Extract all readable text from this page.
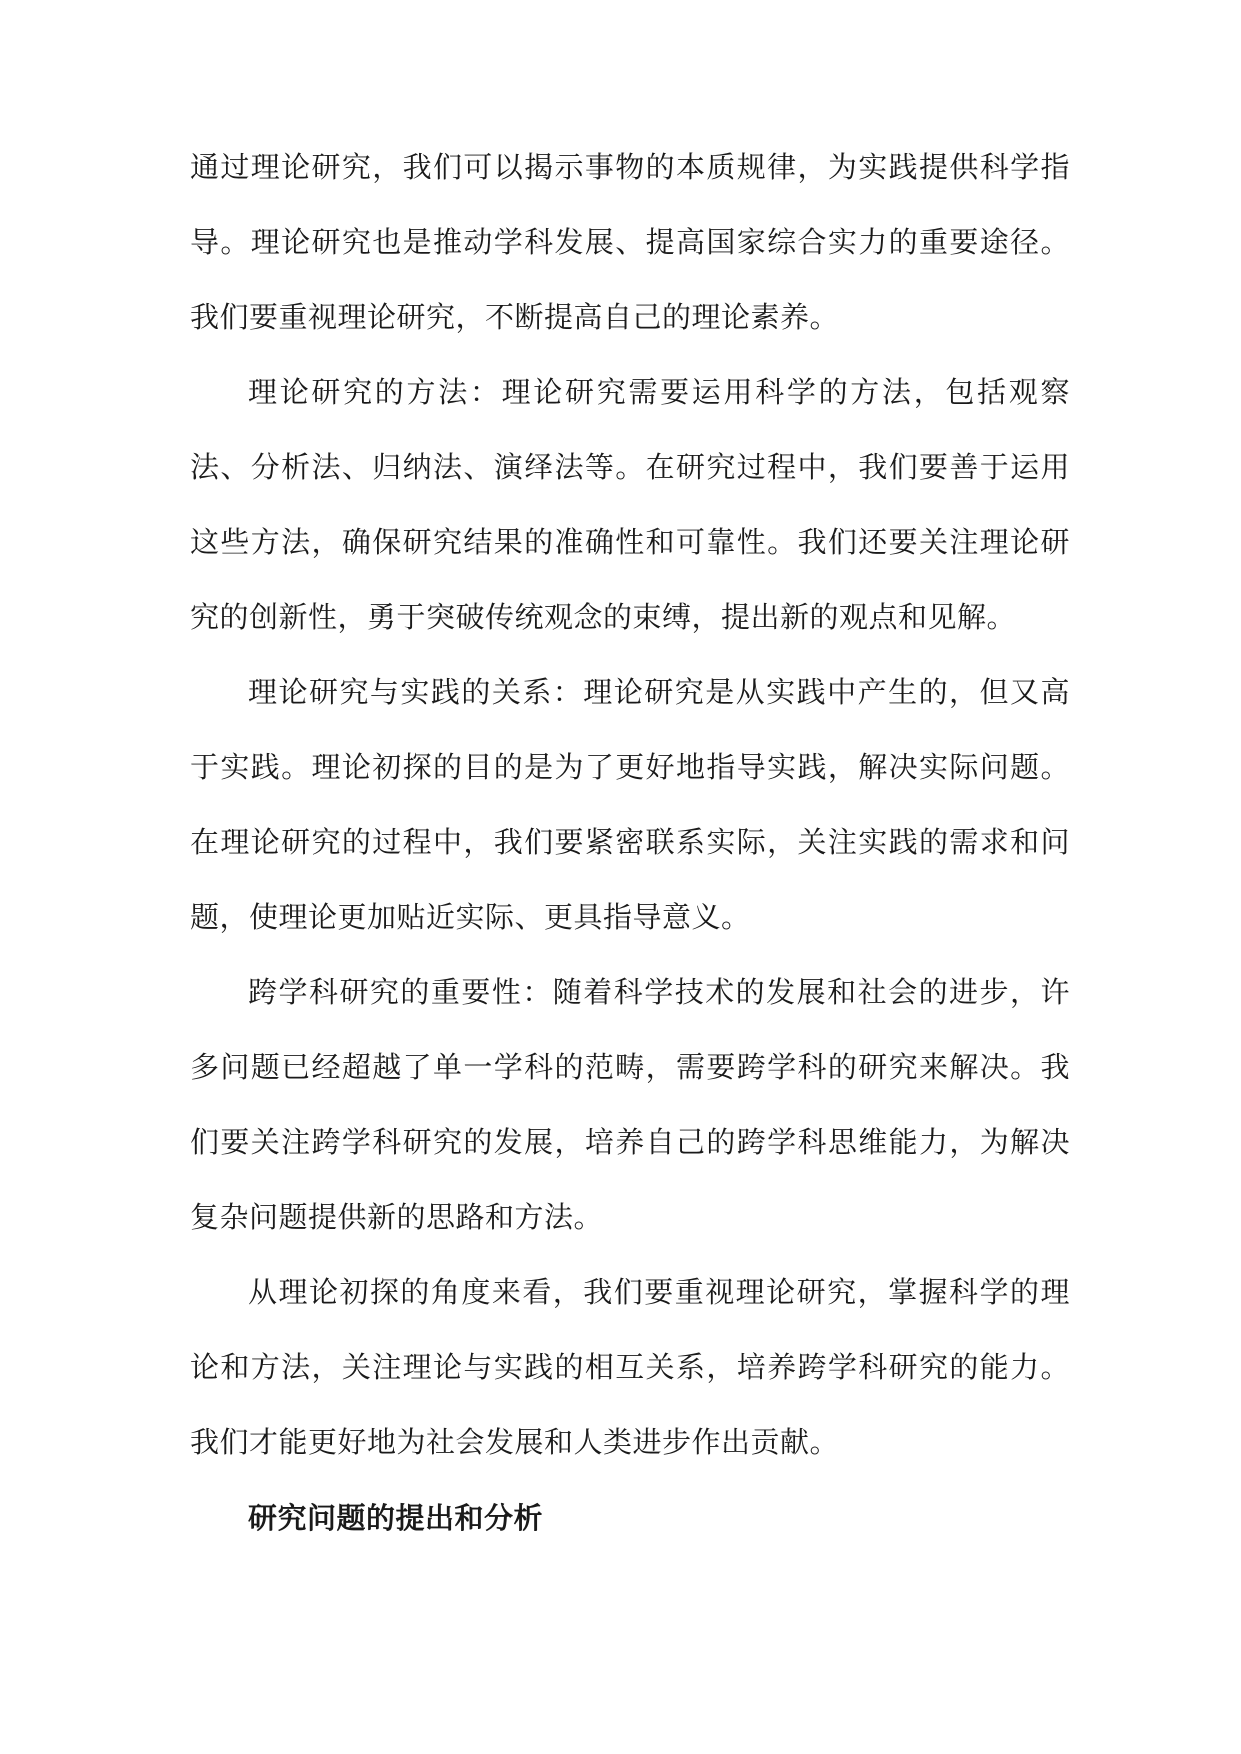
通过理论研究，我们可以揭示事物的本质规律，为实践提供科学指导。理论研究也是推动学科发展、提高国家综合实力的重要途径。我们要重视理论研究，不断提高自己的理论素养。

理论研究的方法：理论研究需要运用科学的方法，包括观察法、分析法、归纳法、演绎法等。在研究过程中，我们要善于运用这些方法，确保研究结果的准确性和可靠性。我们还要关注理论研究的创新性，勇于突破传统观念的束缚，提出新的观点和见解。

理论研究与实践的关系：理论研究是从实践中产生的，但又高于实践。理论初探的目的是为了更好地指导实践，解决实际问题。在理论研究的过程中，我们要紧密联系实际，关注实践的需求和问题，使理论更加贴近实际、更具指导意义。

跨学科研究的重要性：随着科学技术的发展和社会的进步，许多问题已经超越了单一学科的范畴，需要跨学科的研究来解决。我们要关注跨学科研究的发展，培养自己的跨学科思维能力，为解决复杂问题提供新的思路和方法。

从理论初探的角度来看，我们要重视理论研究，掌握科学的理论和方法，关注理论与实践的相互关系，培养跨学科研究的能力。我们才能更好地为社会发展和人类进步作出贡献。

研究问题的提出和分析
